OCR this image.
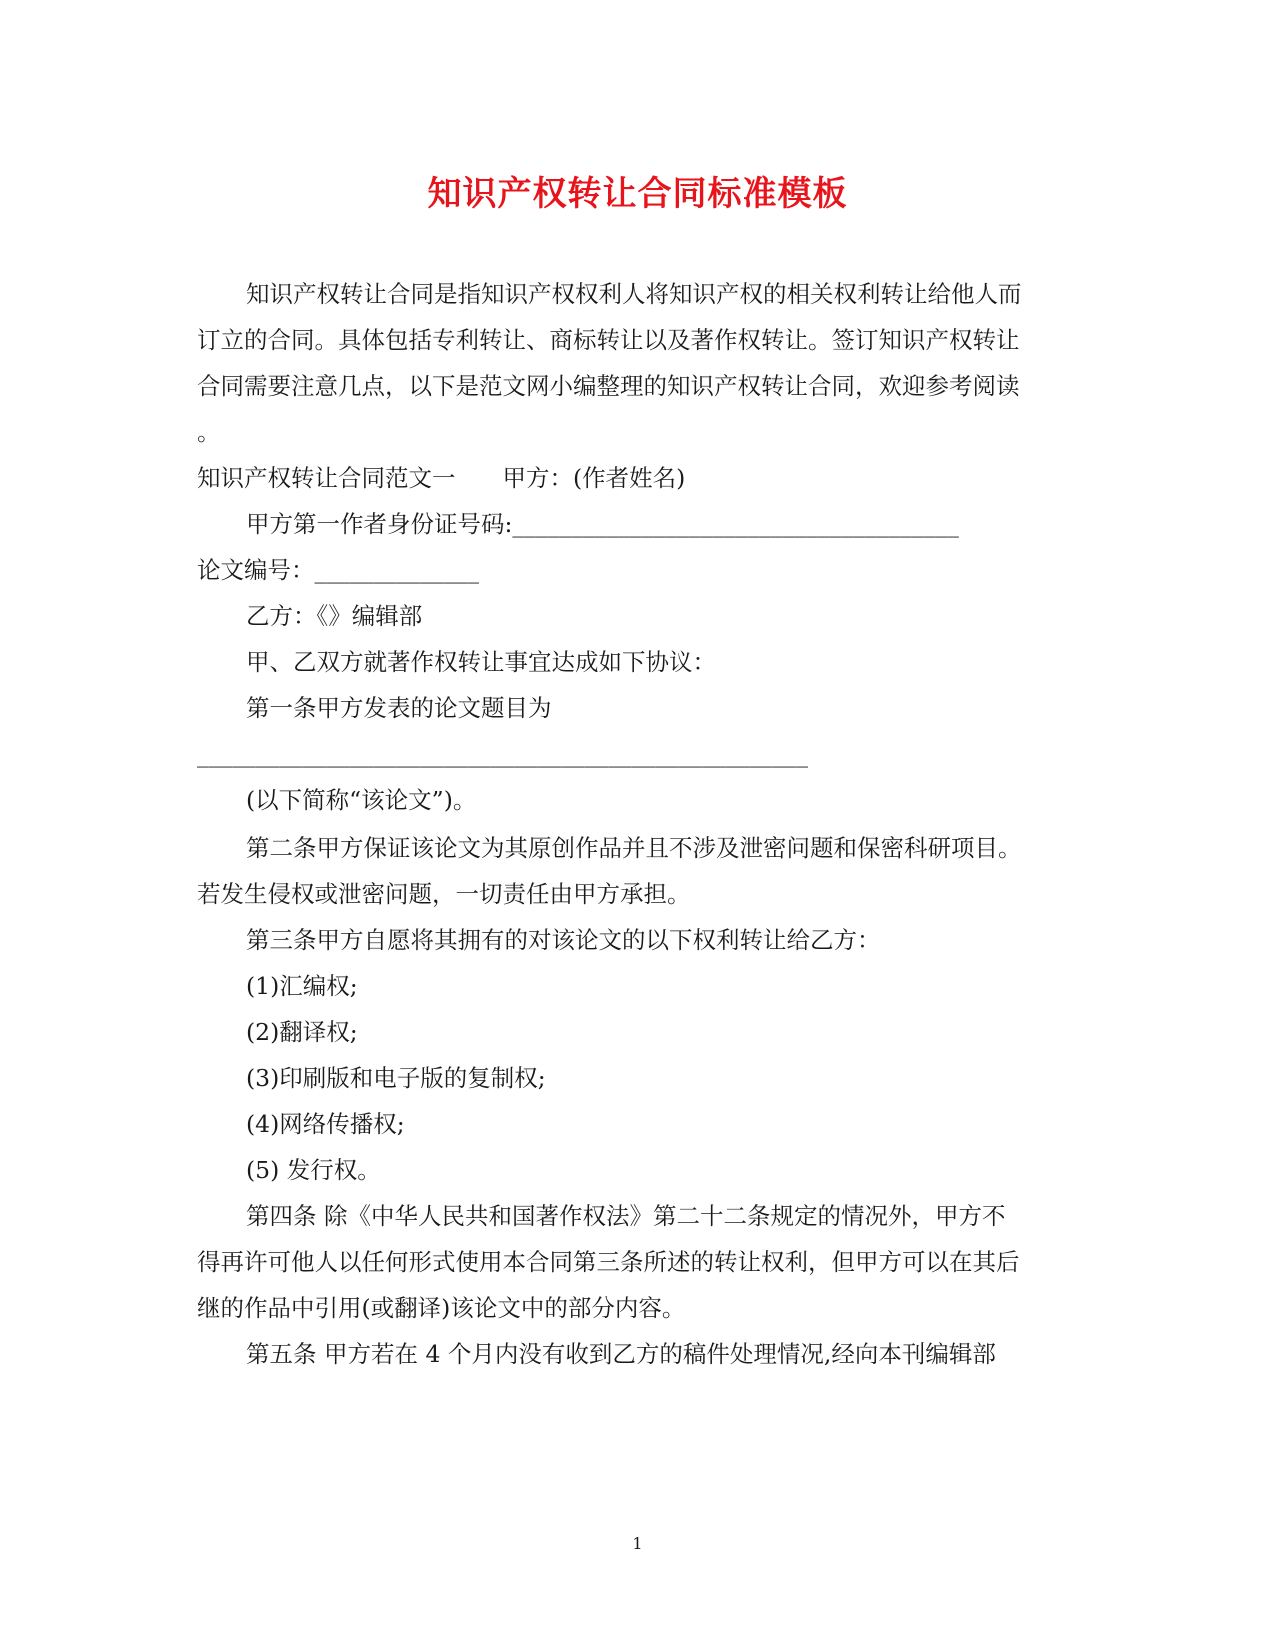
知识产权转让合同标准模板

知识产权转让合同是指知识产权权利人将知识产权的相关权利转让给他人而

订立的合同。具体包括专利转让、商标转让以及著作权转让。签订知识产权转让

合同需要注意几点，以下是范文网小编整理的知识产权转让合同，欢迎参考阅读

。

知识产权转让合同范文一　　甲方：(作者姓名)

甲方第一作者身份证号码:______________________________________

论文编号：______________

乙方：《》编辑部

甲、乙双方就著作权转让事宜达成如下协议：

第一条甲方发表的论文题目为

____________________________________________________

(以下简称“该论文”)。

第二条甲方保证该论文为其原创作品并且不涉及泄密问题和保密科研项目。

若发生侵权或泄密问题，一切责任由甲方承担。

第三条甲方自愿将其拥有的对该论文的以下权利转让给乙方：

(1)汇编权;

(2)翻译权;

(3)印刷版和电子版的复制权;

(4)网络传播权;

(5) 发行权。

第四条 除《中华人民共和国著作权法》第二十二条规定的情况外，甲方不

得再许可他人以任何形式使用本合同第三条所述的转让权利，但甲方可以在其后

继的作品中引用(或翻译)该论文中的部分内容。

第五条 甲方若在 4 个月内没有收到乙方的稿件处理情况,经向本刊编辑部

1
